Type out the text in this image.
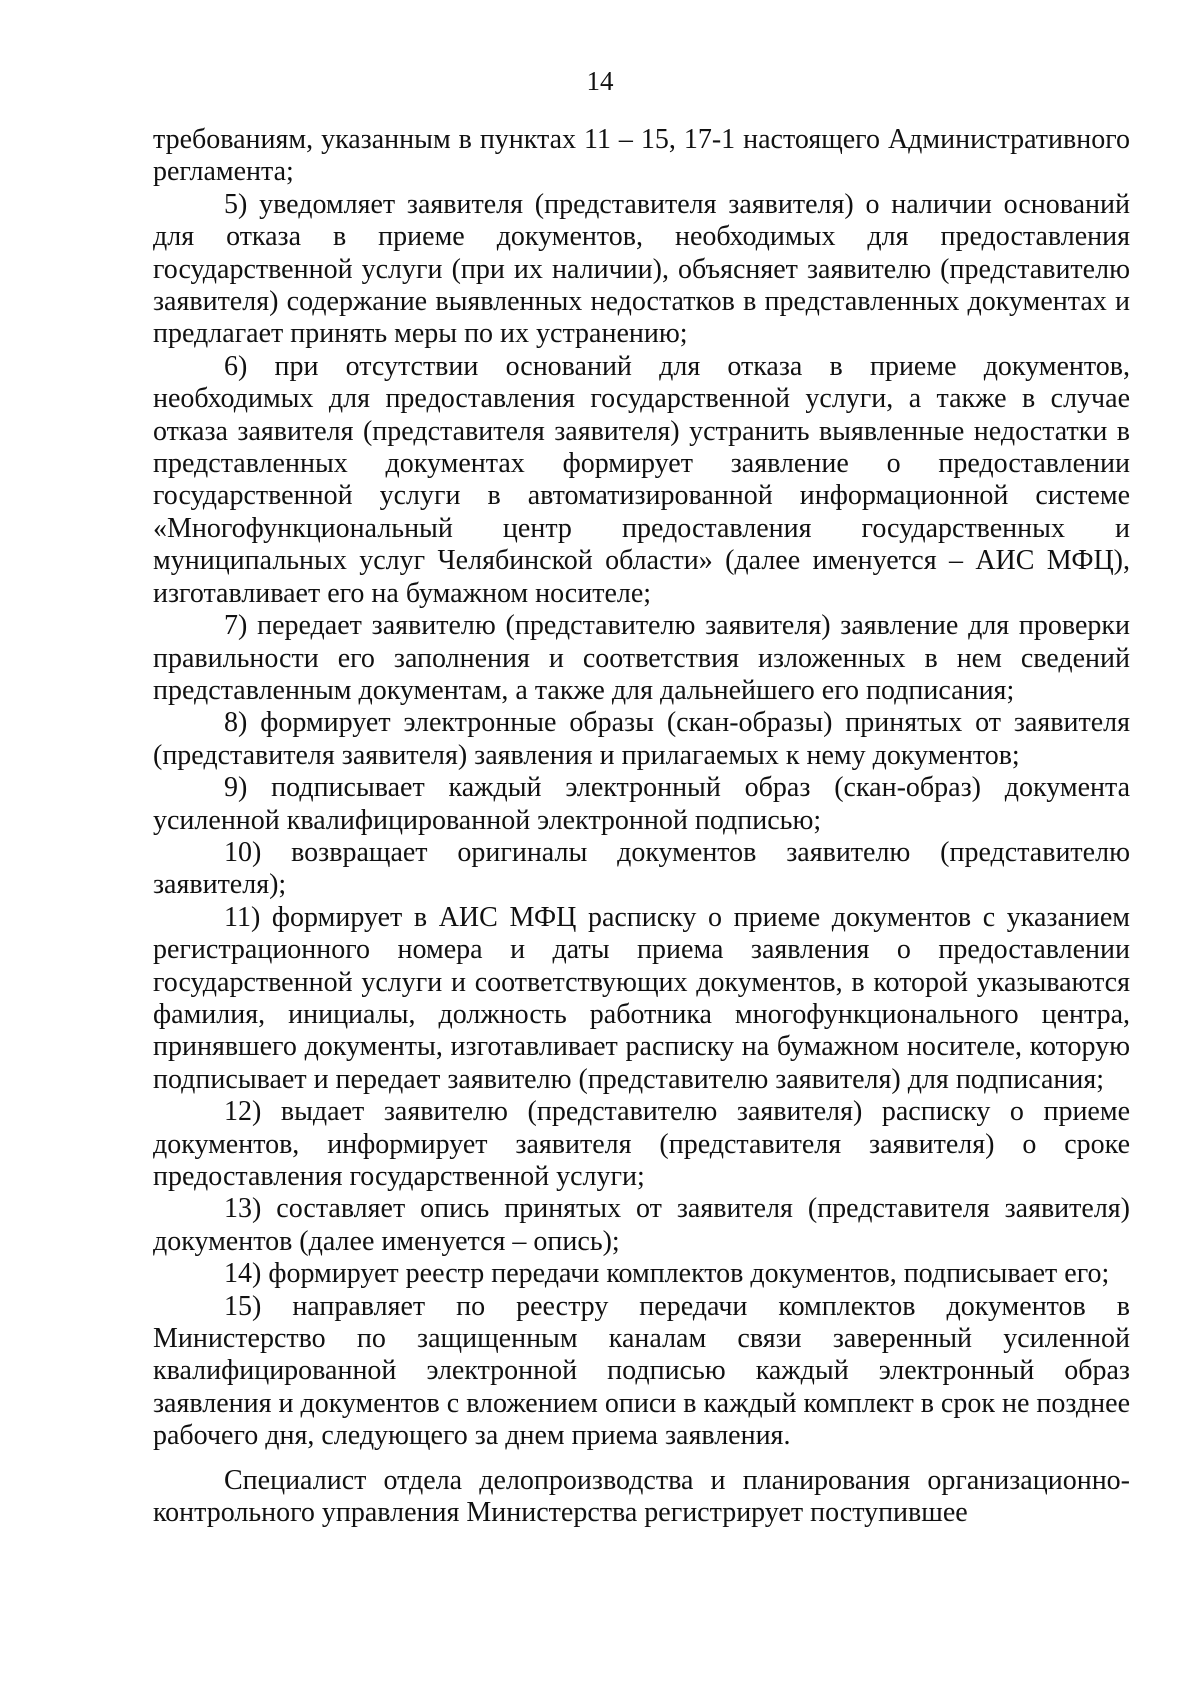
14

требованиям, указанным в пунктах 11 – 15, 17-1 настоящего Административного регламента;

5) уведомляет заявителя (представителя заявителя) о наличии оснований для отказа в приеме документов, необходимых для предоставления государственной услуги (при их наличии), объясняет заявителю (представителю заявителя) содержание выявленных недостатков в представленных документах и предлагает принять меры по их устранению;

6) при отсутствии оснований для отказа в приеме документов, необходимых для предоставления государственной услуги, а также в случае отказа заявителя (представителя заявителя) устранить выявленные недостатки в представленных документах формирует заявление о предоставлении государственной услуги в автоматизированной информационной системе «Многофункциональный центр предоставления государственных и муниципальных услуг Челябинской области» (далее именуется – АИС МФЦ), изготавливает его на бумажном носителе;

7) передает заявителю (представителю заявителя) заявление для проверки правильности его заполнения и соответствия изложенных в нем сведений представленным документам, а также для дальнейшего его подписания;

8) формирует электронные образы (скан-образы) принятых от заявителя (представителя заявителя) заявления и прилагаемых к нему документов;

9) подписывает каждый электронный образ (скан-образ) документа усиленной квалифицированной электронной подписью;

10) возвращает оригиналы документов заявителю (представителю заявителя);

11) формирует в АИС МФЦ расписку о приеме документов с указанием регистрационного номера и даты приема заявления о предоставлении государственной услуги и соответствующих документов, в которой указываются фамилия, инициалы, должность работника многофункционального центра, принявшего документы, изготавливает расписку на бумажном носителе, которую подписывает и передает заявителю (представителю заявителя) для подписания;

12) выдает заявителю (представителю заявителя) расписку о приеме документов, информирует заявителя (представителя заявителя) о сроке предоставления государственной услуги;

13) составляет опись принятых от заявителя (представителя заявителя) документов (далее именуется – опись);

14) формирует реестр передачи комплектов документов, подписывает его;

15) направляет по реестру передачи комплектов документов в Министерство по защищенным каналам связи заверенный усиленной квалифицированной электронной подписью каждый электронный образ заявления и документов с вложением описи в каждый комплект в срок не позднее рабочего дня, следующего за днем приема заявления.

Специалист отдела делопроизводства и планирования организационно-контрольного управления Министерства регистрирует поступившее
